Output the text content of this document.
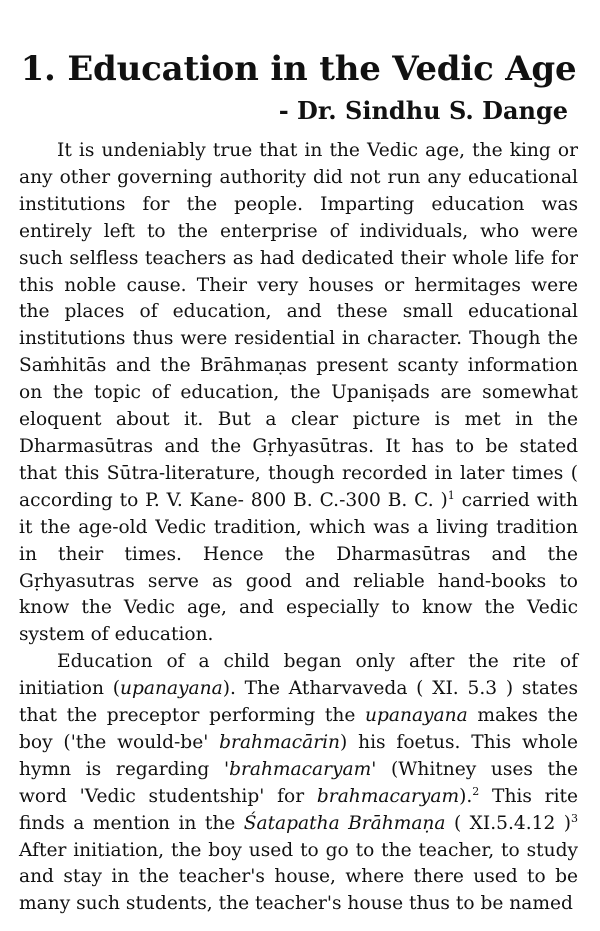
1. Education in the Vedic Age
- Dr. Sindhu S. Dange

It is undeniably true that in the Vedic age, the king or any other governing authority did not run any educational institutions for the people. Imparting education was entirely left to the enterprise of individuals, who were such selfless teachers as had dedicated their whole life for this noble cause. Their very houses or hermitages were the places of education, and these small educational institutions thus were residential in character. Though the Saṁhitās and the Brāhmaṇas present scanty information on the topic of education, the Upaniṣads are somewhat eloquent about it. But a clear picture is met in the Dharmasūtras and the Gṛhyasūtras. It has to be stated that this Sūtra-literature, though recorded in later times ( according to P. V. Kane- 800 B. C.-300 B. C. )$^1$ carried with it the age-old Vedic tradition, which was a living tradition in their times. Hence the Dharmasūtras and the Gṛhyasutras serve as good and reliable hand-books to know the Vedic age, and especially to know the Vedic system of education.

Education of a child began only after the rite of initiation (upanayana). The Atharvaveda ( XI. 5.3 ) states that the preceptor performing the upanayana makes the boy ('the would-be' brahmacārin) his foetus. This whole hymn is regarding 'brahmacaryam' (Whitney uses the word 'Vedic studentship' for brahmacaryam).$^2$ This rite finds a mention in the Śatapatha Brāhmaṇa ( XI.5.4.12 )$^3$ After initiation, the boy used to go to the teacher, to study and stay in the teacher's house, where there used to be many such students, the teacher's house thus to be named
